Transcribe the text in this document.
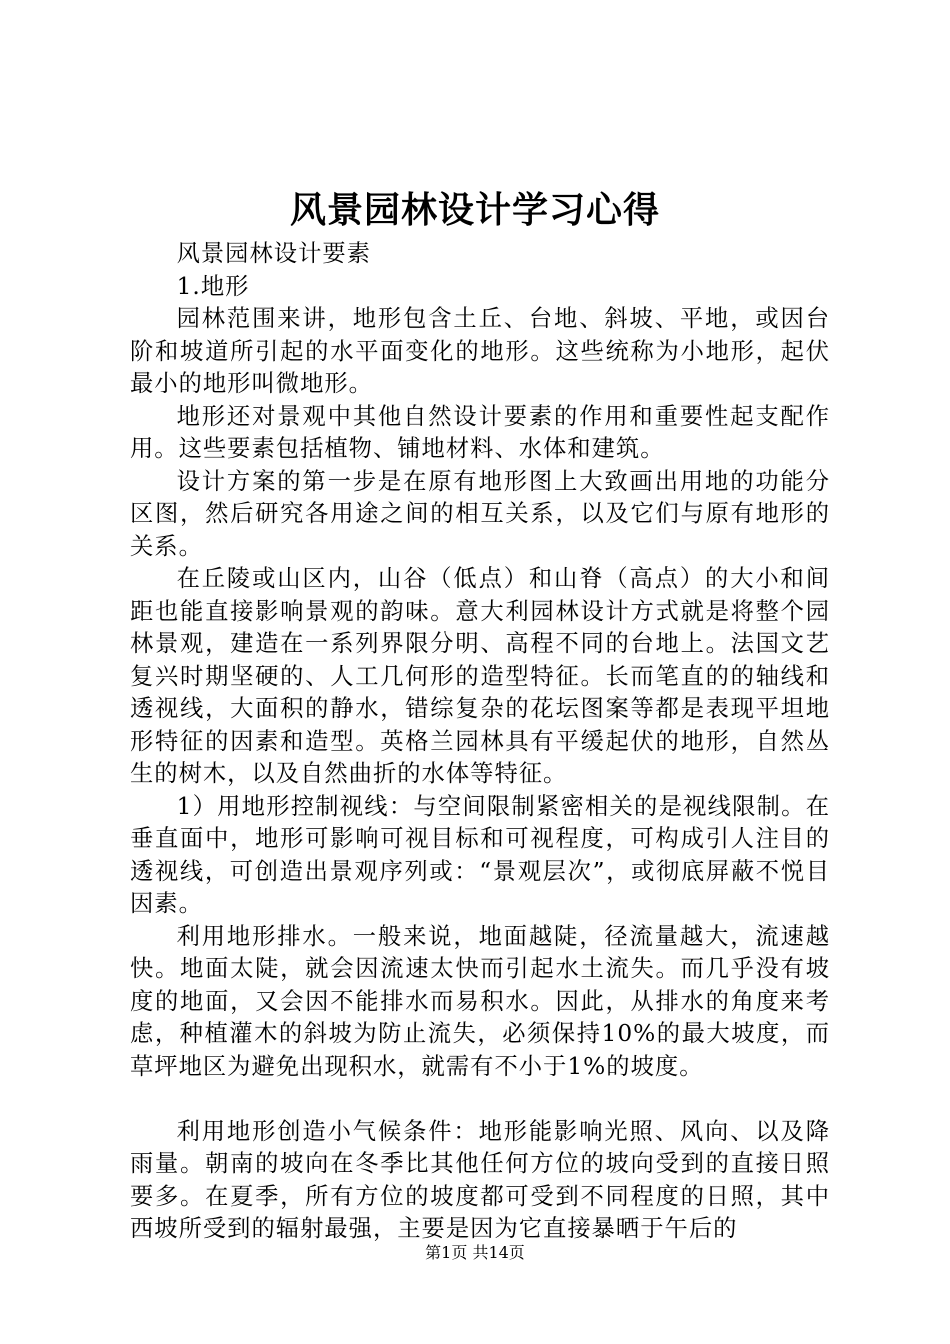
风景园林设计学习心得

风景园林设计要素

1.地形

园林范围来讲，地形包含土丘、台地、斜坡、平地，或因台阶和坡道所引起的水平面变化的地形。这些统称为小地形，起伏最小的地形叫微地形。

地形还对景观中其他自然设计要素的作用和重要性起支配作用。这些要素包括植物、铺地材料、水体和建筑。

设计方案的第一步是在原有地形图上大致画出用地的功能分区图，然后研究各用途之间的相互关系，以及它们与原有地形的关系。

在丘陵或山区内，山谷（低点）和山脊（高点）的大小和间距也能直接影响景观的韵味。意大利园林设计方式就是将整个园林景观，建造在一系列界限分明、高程不同的台地上。法国文艺复兴时期坚硬的、人工几何形的造型特征。长而笔直的的轴线和透视线，大面积的静水，错综复杂的花坛图案等都是表现平坦地形特征的因素和造型。英格兰园林具有平缓起伏的地形，自然丛生的树木，以及自然曲折的水体等特征。

1）用地形控制视线：与空间限制紧密相关的是视线限制。在垂直面中，地形可影响可视目标和可视程度，可构成引人注目的透视线，可创造出景观序列或：“景观层次”，或彻底屏蔽不悦目因素。

利用地形排水。一般来说，地面越陡，径流量越大，流速越快。地面太陡，就会因流速太快而引起水土流失。而几乎没有坡度的地面，又会因不能排水而易积水。因此，从排水的角度来考虑，种植灌木的斜坡为防止流失，必须保持10%的最大坡度，而草坪地区为避免出现积水，就需有不小于1%的坡度。

利用地形创造小气候条件：地形能影响光照、风向、以及降雨量。朝南的坡向在冬季比其他任何方位的坡向受到的直接日照要多。在夏季，所有方位的坡度都可受到不同程度的日照，其中西坡所受到的辐射最强，主要是因为它直接暴晒于午后的

第1页 共14页
